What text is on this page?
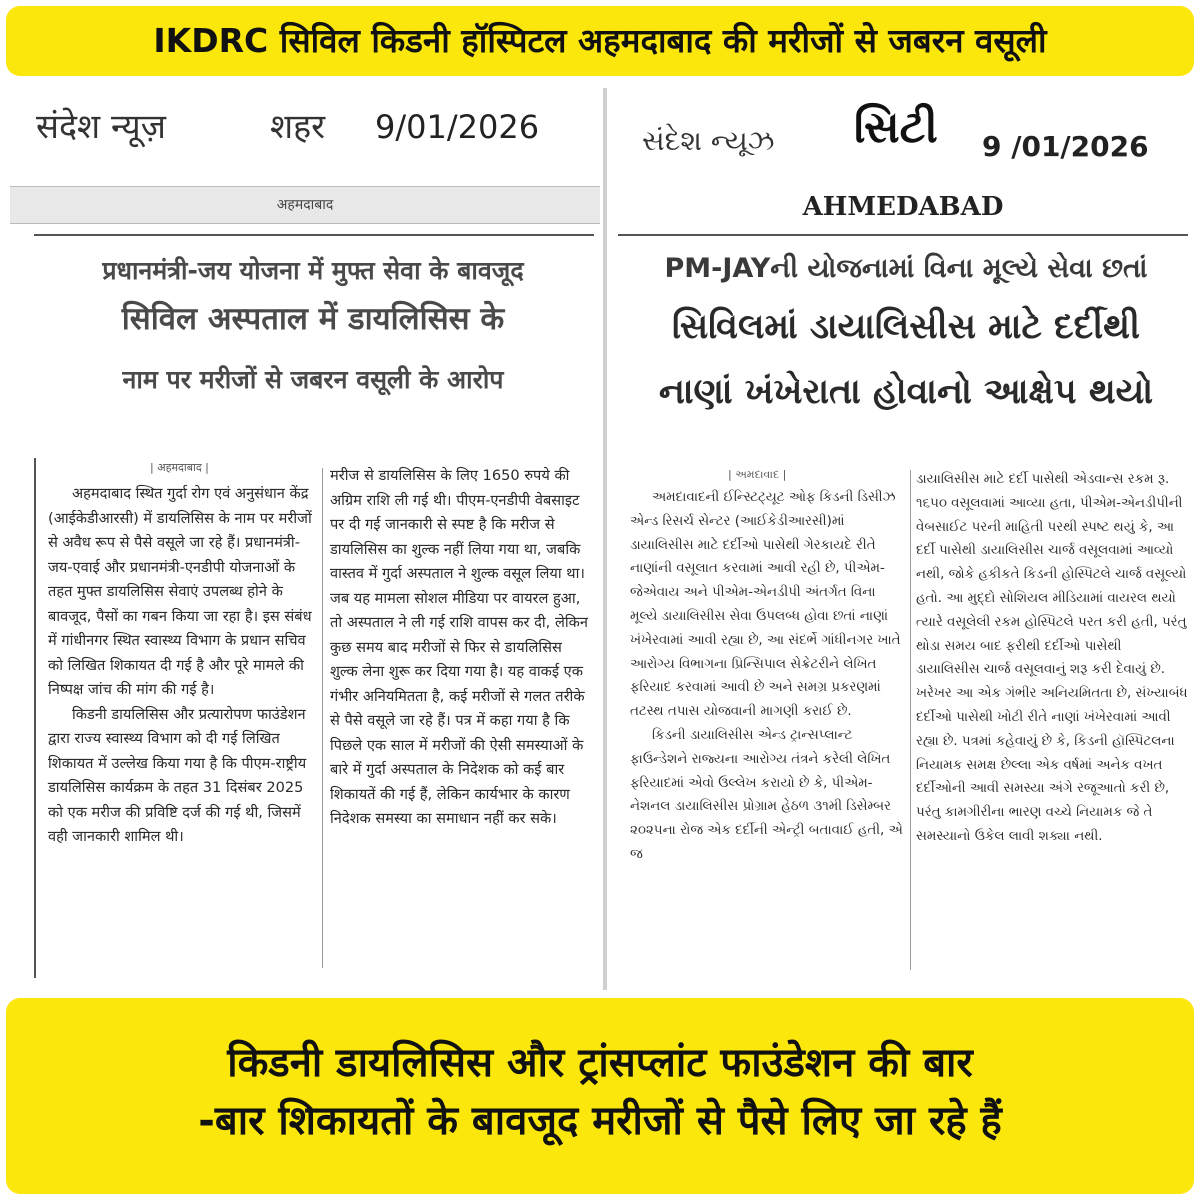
IKDRC सिविल किडनी हॉस्पिटल अहमदाबाद की मरीजों से जबरन वसूली
संदेश न्यूज़	शहर 9/01/2026
अहमदाबाद
प्रधानमंत्री-जय योजना में मुफ्त सेवा के बावजूद
सिविल अस्पताल में डायलिसिस के
नाम पर मरीजों से जबरन वसूली के आरोप
| अहमदाबाद |

अहमदाबाद स्थित गुर्दा रोग एवं अनुसंधान केंद्र (आईकेडीआरसी) में डायलिसिस के नाम पर मरीजों से अवैध रूप से पैसे वसूले जा रहे हैं। प्रधानमंत्री-जय-एवाई और प्रधानमंत्री-एनडीपी योजनाओं के तहत मुफ्त डायलिसिस सेवाएं उपलब्ध होने के बावजूद, पैसों का गबन किया जा रहा है। इस संबंध में गांधीनगर स्थित स्वास्थ्य विभाग के प्रधान सचिव को लिखित शिकायत दी गई है और पूरे मामले की निष्पक्ष जांच की मांग की गई है।

किडनी डायलिसिस और प्रत्यारोपण फाउंडेशन द्वारा राज्य स्वास्थ्य विभाग को दी गई लिखित शिकायत में उल्लेख किया गया है कि पीएम-राष्ट्रीय डायलिसिस कार्यक्रम के तहत 31 दिसंबर 2025 को एक मरीज की प्रविष्टि दर्ज की गई थी, जिसमें वही जानकारी शामिल थी।

मरीज से डायलिसिस के लिए 1650 रुपये की अग्रिम राशि ली गई थी। पीएम-एनडीपी वेबसाइट पर दी गई जानकारी से स्पष्ट है कि मरीज से डायलिसिस का शुल्क नहीं लिया गया था, जबकि वास्तव में गुर्दा अस्पताल ने शुल्क वसूल लिया था। जब यह मामला सोशल मीडिया पर वायरल हुआ, तो अस्पताल ने ली गई राशि वापस कर दी, लेकिन कुछ समय बाद मरीजों से फिर से डायलिसिस शुल्क लेना शुरू कर दिया गया है। यह वाकई एक गंभीर अनियमितता है, कई मरीजों से गलत तरीके से पैसे वसूले जा रहे हैं। पत्र में कहा गया है कि पिछले एक साल में मरीजों की ऐसी समस्याओं के बारे में गुर्दा अस्पताल के निदेशक को कई बार शिकायतें की गई हैं, लेकिन कार्यभार के कारण निदेशक समस्या का समाधान नहीं कर सके।

સંદેશ ન્યૂઝ સિટી 9 /01/2026
AHMEDABAD
PM-JAYની યોજનામાં વિના મૂલ્યે સેવા છતાં
સિવિલમાં ડાયાલિસીસ માટે દર્દીથી
નાણાં ખંખેરાતા હોવાનો આક્ષેપ થયો
| અમદાવાદ |

અમદાવાદની ઈન્સ્ટિટ્યૂટ ઓફ કિડની ડિસીઝ એન્ડ રિસર્ચ સેન્ટર (આઈકેડીઆરસી)માં ડાયાલિસીસ માટે દર્દીઓ પાસેથી ગેરકાયદે રીતે નાણાંની વસૂલાત કરવામાં આવી રહી છે, પીએમ-જેએવાય અને પીએમ-એનડીપી અંતર્ગત વિના મૂલ્યે ડાયાલિસીસ સેવા ઉપલબ્ધ હોવા છતાં નાણાં ખંખેરવામાં આવી રહ્યા છે, આ સંદર્ભે ગાંધીનગર ખાતે આરોગ્ય વિભાગના પ્રિન્સિપાલ સેક્રેટરીને લેખિત ફરિયાદ કરવામાં આવી છે અને સમગ્ર પ્રકરણમાં તટસ્થ તપાસ યોજવાની માગણી કરાઈ છે.

કિડની ડાયાલિસીસ એન્ડ ટ્રાન્સપ્લાન્ટ ફાઉન્ડેશને રાજ્યના આરોગ્ય તંત્રને કરેલી લેખિત ફરિયાદમાં એવો ઉલ્લેખ કરાયો છે કે, પીએમ-નેશનલ ડાયાલિસીસ પ્રોગ્રામ હેઠળ ૩૧મી ડિસેમ્બર ૨૦૨૫ના રોજ એક દર્દીની એન્ટ્રી બતાવાઈ હતી, એ જ

ડાયાલિસીસ માટે દર્દી પાસેથી એડવાન્સ રકમ રૂ. ૧૬૫૦ વસૂલવામાં આવ્યા હતા, પીએમ-એનડીપીની વેબસાઈટ પરની માહિતી પરથી સ્પષ્ટ થયું કે, આ દર્દી પાસેથી ડાયાલિસીસ ચાર્જ વસૂલવામાં આવ્યો નથી, જોકે હકીકતે કિડની હોસ્પિટલે ચાર્જ વસૂલ્યો હતો. આ મુદ્દો સોશિયલ મીડિયામાં વાયરલ થયો ત્યારે વસૂલેલી રકમ હોસ્પિટલે પરત કરી હતી, પરંતુ થોડા સમય બાદ ફરીથી દર્દીઓ પાસેથી ડાયાલિસીસ ચાર્જ વસૂલવાનું શરૂ કરી દેવાયું છે. ખરેખર આ એક ગંભીર અનિયમિતતા છે, સંખ્યાબંધ દર્દીઓ પાસેથી ખોટી રીતે નાણાં ખંખેરવામાં આવી રહ્યા છે. પત્રમાં કહેવાયું છે કે, કિડની હૉસ્પિટલના નિયામક સમક્ષ છેલ્લા એક વર્ષમાં અનેક વખત દર્દીઓની આવી સમસ્યા અંગે રજૂઆતો કરી છે, પરંતુ કામગીરીના ભારણ વચ્ચે નિયામક જે તે સમસ્યાનો ઉકેલ લાવી શક્યા નથી.

किडनी डायलिसिस और ट्रांसप्लांट फाउंडेशन की बार
-बार शिकायतों के बावजूद मरीजों से पैसे लिए जा रहे हैं
